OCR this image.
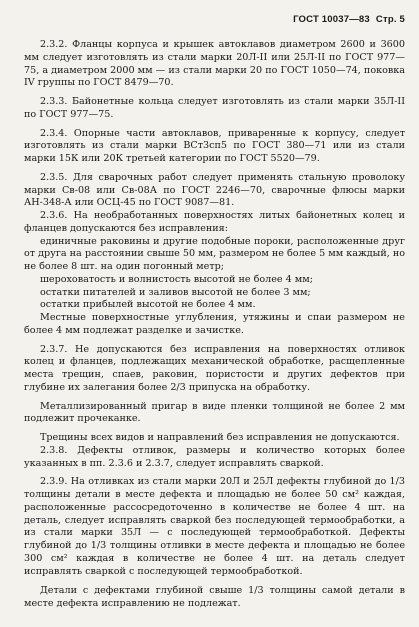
ГОСТ 10037—83 Стр. 5

2.3.2. Фланцы корпуса и крышек автоклавов диаметром 2600 и 3600 мм следует изготовлять из стали марки 20Л-II или 25Л-II по ГОСТ 977—75, а диаметром 2000 мм — из стали марки 20 по ГОСТ 1050—74, поковка IV группы по ГОСТ 8479—70.

2.3.3. Байонетные кольца следует изготовлять из стали марки 35Л-II по ГОСТ 977—75.

2.3.4. Опорные части автоклавов, приваренные к корпусу, следует изготовлять из стали марки ВСт3сп5 по ГОСТ 380—71 или из стали марки 15К или 20К третьей категории по ГОСТ 5520—79.

2.3.5. Для сварочных работ следует применять стальную проволоку марки Св-08 или Св-08А по ГОСТ 2246—70, сварочные флюсы марки АН-348-А или ОСЦ-45 по ГОСТ 9087—81.

2.3.6. На необработанных поверхностях литых байонетных колец и фланцев допускаются без исправления:

единичные раковины и другие подобные пороки, расположенные друг от друга на расстоянии свыше 50 мм, размером не более 5 мм каждый, но не более 8 шт. на один погонный метр;

шероховатость и волнистость высотой не более 4 мм;

остатки питателей и заливов высотой не более 3 мм;

остатки прибылей высотой не более 4 мм.

Местные поверхностные углубления, утяжины и спаи размером не более 4 мм подлежат разделке и зачистке.

2.3.7. Не допускаются без исправления на поверхностях отливок колец и фланцев, подлежащих механической обработке, расщепленные места трещин, спаев, раковин, пористости и других дефектов при глубине их залегания более 2/3 припуска на обработку.

Металлизированный пригар в виде пленки толщиной не более 2 мм подлежит прочеканке.

Трещины всех видов и направлений без исправления не допускаются.

2.3.8. Дефекты отливок, размеры и количество которых более указанных в пп. 2.3.6 и 2.3.7, следует исправлять сваркой.

2.3.9. На отливках из стали марки 20Л и 25Л дефекты глубиной до 1/3 толщины детали в месте дефекта и площадью не более 50 см² каждая, расположенные рассосредоточенно в количестве не более 4 шт. на деталь, следует исправлять сваркой без последующей термообработки, а из стали марки 35Л — с последующей термообработкой. Дефекты глубиной до 1/3 толщины отливки в месте дефекта и площадью не более 300 см² каждая в количестве не более 4 шт. на деталь следует исправлять сваркой с последующей термообработкой.

Детали с дефектами глубиной свыше 1/3 толщины самой детали в месте дефекта исправлению не подлежат.
